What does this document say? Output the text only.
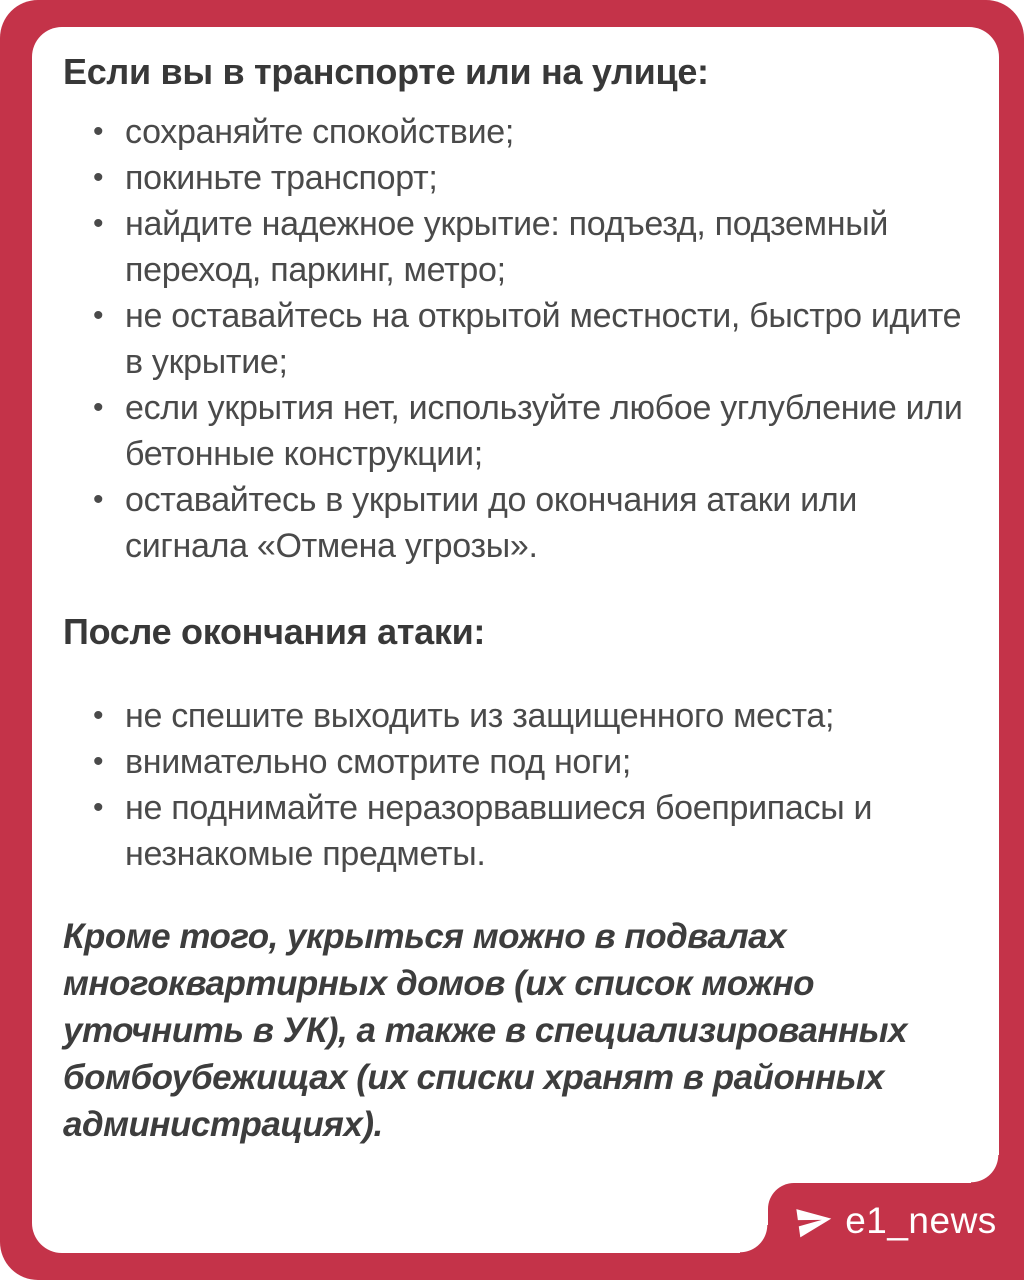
Если вы в транспорте или на улице:
• сохраняйте спокойствие;
• покиньте транспорт;
• найдите надежное укрытие: подъезд, подземный переход, паркинг, метро;
• не оставайтесь на открытой местности, быстро идите в укрытие;
• если укрытия нет, используйте любое углубление или бетонные конструкции;
• оставайтесь в укрытии до окончания атаки или сигнала «Отмена угрозы».
После окончания атаки:
• не спешите выходить из защищенного места;
• внимательно смотрите под ноги;
• не поднимайте неразорвавшиеся боеприпасы и незнакомые предметы.

Кроме того, укрыться можно в подвалах многоквартирных домов (их список можно уточнить в УК), а также в специализированных бомбоубежищах (их списки хранят в районных администрациях).

e1_news
